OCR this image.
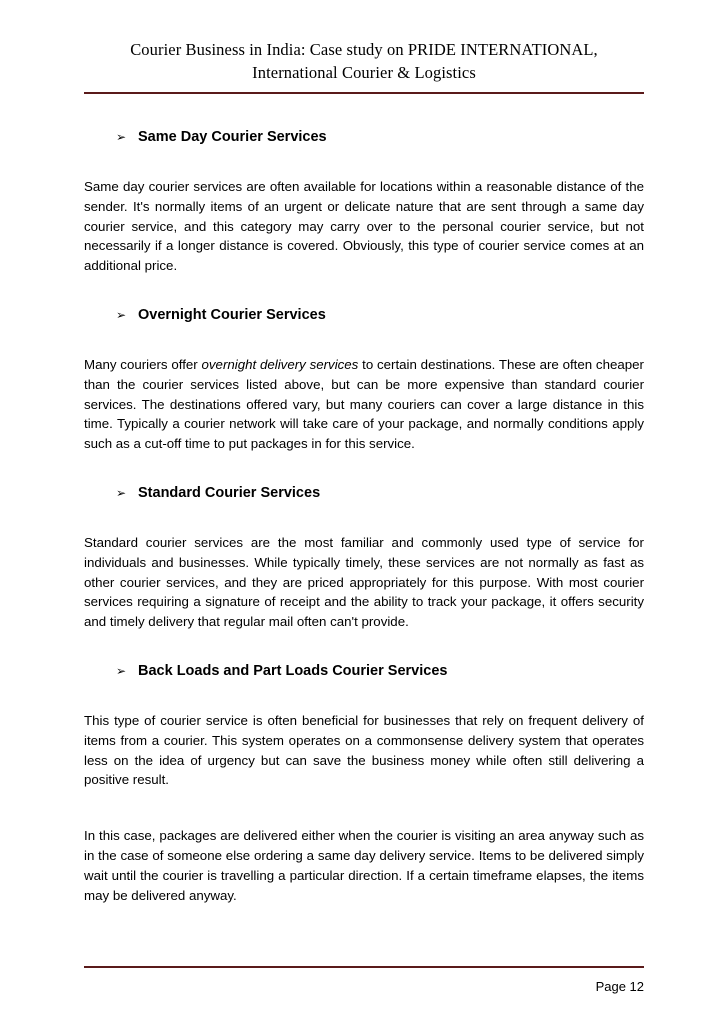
Courier Business in India: Case study on PRIDE INTERNATIONAL,
International Courier & Logistics
➢ Same Day Courier Services

Same day courier services are often available for locations within a reasonable distance of the sender. It's normally items of an urgent or delicate nature that are sent through a same day courier service, and this category may carry over to the personal courier service, but not necessarily if a longer distance is covered. Obviously, this type of courier service comes at an additional price.

➢ Overnight Courier Services

Many couriers offer overnight delivery services to certain destinations. These are often cheaper than the courier services listed above, but can be more expensive than standard courier services. The destinations offered vary, but many couriers can cover a large distance in this time. Typically a courier network will take care of your package, and normally conditions apply such as a cut-off time to put packages in for this service.

➢ Standard Courier Services

Standard courier services are the most familiar and commonly used type of service for individuals and businesses. While typically timely, these services are not normally as fast as other courier services, and they are priced appropriately for this purpose. With most courier services requiring a signature of receipt and the ability to track your package, it offers security and timely delivery that regular mail often can't provide.

➢ Back Loads and Part Loads Courier Services

This type of courier service is often beneficial for businesses that rely on frequent delivery of items from a courier. This system operates on a commonsense delivery system that operates less on the idea of urgency but can save the business money while often still delivering a positive result.

In this case, packages are delivered either when the courier is visiting an area anyway such as in the case of someone else ordering a same day delivery service. Items to be delivered simply wait until the courier is travelling a particular direction. If a certain timeframe elapses, the items may be delivered anyway.

Page 12
